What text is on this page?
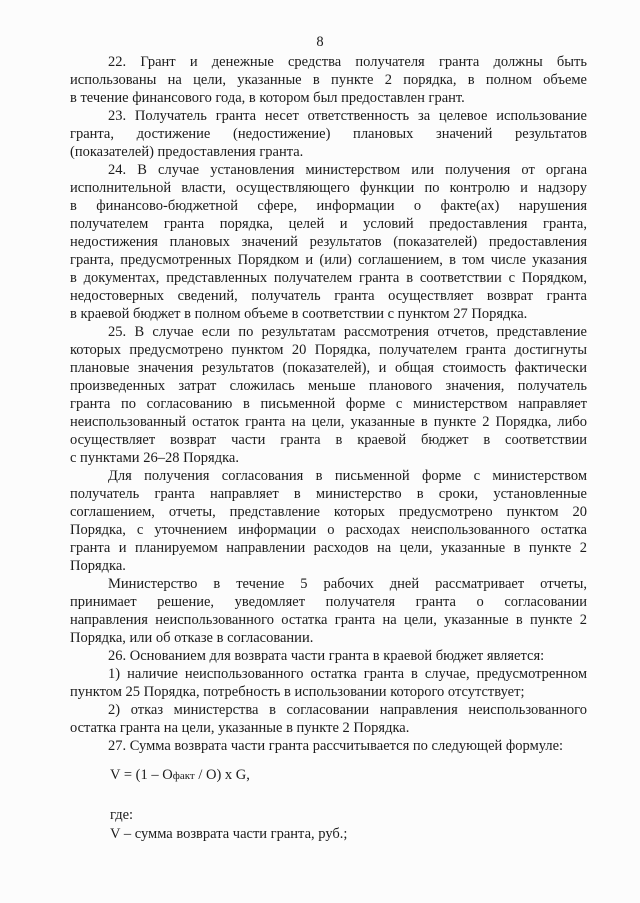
8
22. Грант и денежные средства получателя гранта должны быть
использованы на цели, указанные в пункте 2 порядка, в полном объеме
в течение финансового года, в котором был предоставлен грант.
23. Получатель гранта несет ответственность за целевое использование
гранта, достижение (недостижение) плановых значений результатов
(показателей) предоставления гранта.
24. В случае установления министерством или получения от органа
исполнительной власти, осуществляющего функции по контролю и надзору
в финансово-бюджетной сфере, информации о факте(ах) нарушения
получателем гранта порядка, целей и условий предоставления гранта,
недостижения плановых значений результатов (показателей) предоставления
гранта, предусмотренных Порядком и (или) соглашением, в том числе указания
в документах, представленных получателем гранта в соответствии с Порядком,
недостоверных сведений, получатель гранта осуществляет возврат гранта
в краевой бюджет в полном объеме в соответствии с пунктом 27 Порядка.
25. В случае если по результатам рассмотрения отчетов, представление
которых предусмотрено пунктом 20 Порядка, получателем гранта достигнуты
плановые значения результатов (показателей), и общая стоимость фактически
произведенных затрат сложилась меньше планового значения, получатель
гранта по согласованию в письменной форме с министерством направляет
неиспользованный остаток гранта на цели, указанные в пункте 2 Порядка, либо
осуществляет возврат части гранта в краевой бюджет в соответствии
с пунктами 26–28 Порядка.
Для получения согласования в письменной форме с министерством
получатель гранта направляет в министерство в сроки, установленные
соглашением, отчеты, представление которых предусмотрено пунктом 20
Порядка, с уточнением информации о расходах неиспользованного остатка
гранта и планируемом направлении расходов на цели, указанные в пункте 2
Порядка.
Министерство в течение 5 рабочих дней рассматривает отчеты,
принимает решение, уведомляет получателя гранта о согласовании
направления неиспользованного остатка гранта на цели, указанные в пункте 2
Порядка, или об отказе в согласовании.
26. Основанием для возврата части гранта в краевой бюджет является:
1) наличие неиспользованного остатка гранта в случае, предусмотренном
пунктом 25 Порядка, потребность в использовании которого отсутствует;
2) отказ министерства в согласовании направления неиспользованного
остатка гранта на цели, указанные в пункте 2 Порядка.
27. Сумма возврата части гранта рассчитывается по следующей формуле:
V = (1 – Oфакт / O) x G,
где:
V – сумма возврата части гранта, руб.;
